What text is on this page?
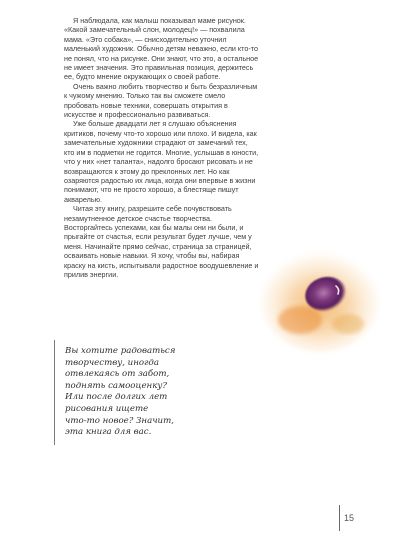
Я наблюдала, как малыш показывал маме рисунок. «Какой замечательный слон, молодец!» — похвалила мама. «Это собака», — снисходительно уточнил маленький художник. Обычно детям неважно, если кто-то не понял, что на рисунке. Они знают, что это, а остальное не имеет значения. Это правильная позиция, держитесь ее, будто мнение окружающих о своей работе.

Очень важно любить творчество и быть безразличным к чужому мнению. Только так вы сможете смело пробовать новые техники, совершать открытия в искусстве и профессионально развиваться.

Уже больше двадцати лет я слушаю объяснения критиков, почему что-то хорошо или плохо. И видела, как замечательные художники страдают от замечаний тех, кто им в подметки не годится. Многие, услышав в юности, что у них «нет таланта», надолго бросают рисовать и не возвращаются к этому до преклонных лет. Но как озаряются радостью их лица, когда они впервые в жизни понимают, что не просто хорошо, а блестяще пишут акварелью.

Читая эту книгу, разрешите себе почувствовать незамутненное детское счастье творчества. Восторгайтесь успехами, как бы малы они ни были, и прыгайте от счастья, если результат будет лучше, чем у меня. Начинайте прямо сейчас, страница за страницей, осваивать новые навыки. Я хочу, чтобы вы, набирая краску на кисть, испытывали радостное воодушевление и прилив энергии.

Вы хотите радоваться
творчеству, иногда
отвлекаясь от забот,
поднять самооценку?
Или после долгих лет
рисования ищете
что-то новое? Значит,
эта книга для вас.
15
